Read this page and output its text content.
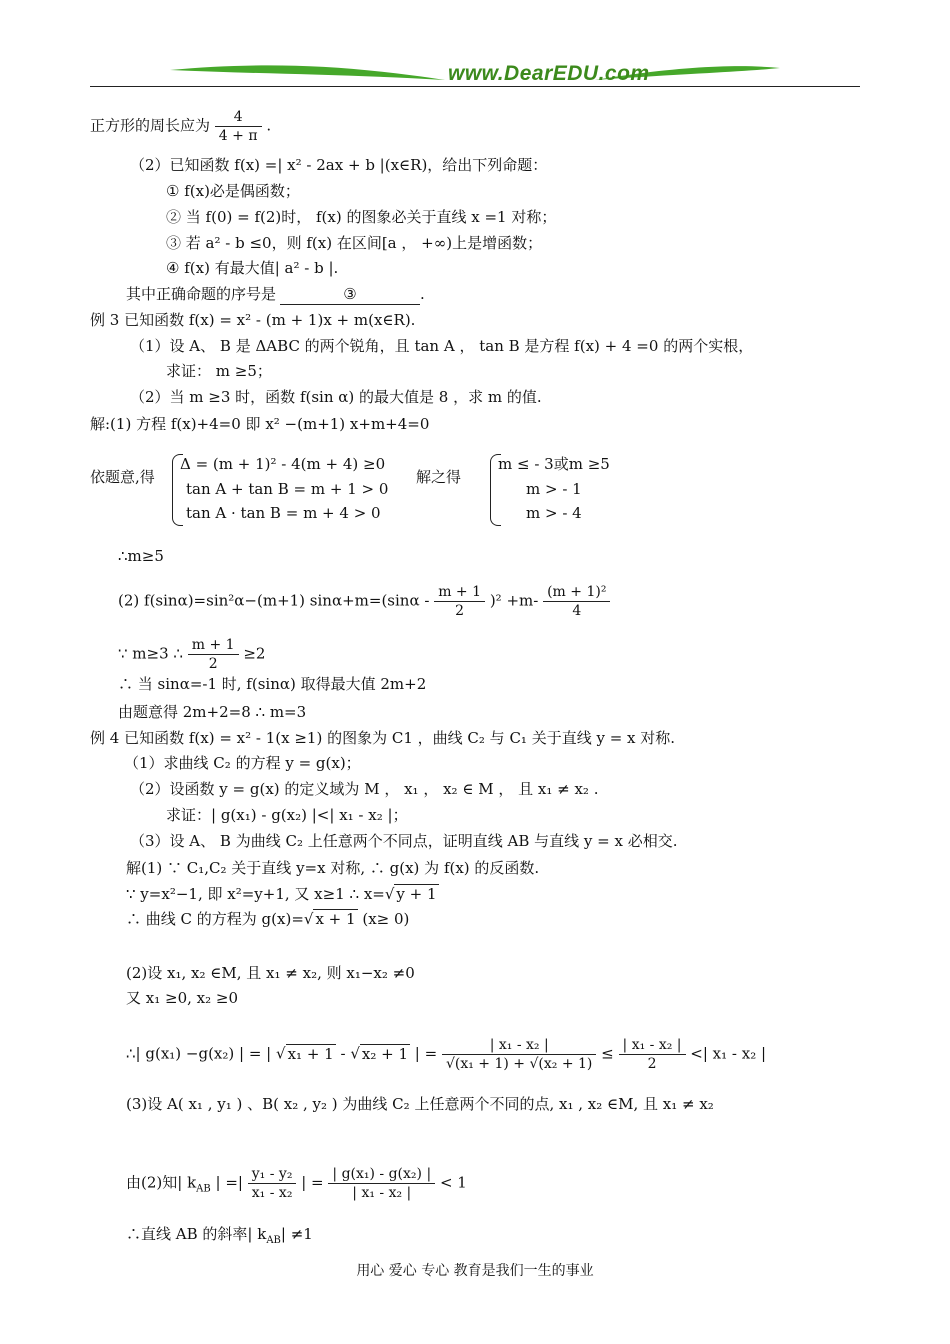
www.DearEDU.com
正方形的周长应为 $\frac{4}{4 + \pi}$ .
（2）已知函数 f(x) =| x² - 2ax + b |(x∈R)，给出下列命题：
① f(x)必是偶函数；
② 当 f(0) = f(2)时， f(x) 的图象必关于直线 x =1 对称；
③ 若 a² - b ≤0，则 f(x) 在区间[a ， +∞)上是增函数；
④ f(x) 有最大值| a² - b |.
其中正确命题的序号是	③	.
例 3 已知函数 f(x) = x² - (m + 1)x + m(x∈R).
（1）设 A、 B 是 ΔABC 的两个锐角，且 tan A ， tan B 是方程 f(x) + 4 =0 的两个实根，
求证： m ≥5；
（2）当 m ≥3 时，函数 f(sin α) 的最大值是 8 ，求 m 的值.
解:(1) 方程 f(x)+4=0 即 x² −(m+1) x+m+4=0
依题意,得
Δ = (m + 1)² - 4(m + 4) ≥0
tan A + tan B = m + 1 > 0
tan A · tan B = m + 4 > 0
解之得
m ≤ - 3或m ≥5
m > - 1
m > - 4
∴m≥5
(2) f(sinα)=sin²α−(m+1) $\sin\alpha+m=(\sin\alpha - \frac{m + 1}{2} )^2 +m- \frac{\text{(m + 1)²}}{4}$
∵ m≥3 ∴ $\frac{m + 1}{2} \ge 2$
∴ 当 sinα=-1 时, f(sinα) 取得最大值 2m+2
由题意得 2m+2=8 ∴ m=3
例 4 已知函数 f(x) = x² - 1(x ≥1) 的图象为 C1 ，曲线 C₂ 与 C₁ 关于直线 y = x 对称.
（1）求曲线 C₂ 的方程 y = g(x)；
（2）设函数 y = g(x) 的定义域为 M ， x₁ ， x₂ ∈ M ， 且 x₁ ≠ x₂ .
求证：| g(x₁) - g(x₂) |<| x₁ - x₂ |；
（3）设 A、 B 为曲线 C₂ 上任意两个不同点，证明直线 AB 与直线 y = x 必相交.
解(1) ∵ C₁,C₂ 关于直线 y=x 对称, ∴ g(x) 为 f(x) 的反函数.
∵ y=x²−1, 即 x²=y+1, 又 x≥1 ∴ x=√ y + 1
∴ 曲线 C 的方程为 g(x)=√ x + 1 (x≥ 0)
(2)设 x₁, x₂ ∈M, 且 x₁ ≠ x₂, 则 x₁−x₂ ≠0
又 x₁ ≥0, x₂ ≥0
∴| g(x₁) −g(x₂) | = | √ x₁ + 1 - √ x₂ + 1 | = $\frac{\text{| x₁ - x₂ |}}{\text{√(x₁ + 1) + √(x₂ + 1)}} \le \frac{\text{| x₁ - x₂ |}}{2}$ <| x₁ - x₂ |
(3)设 A( x₁ , y₁ ) 、B( x₂ , y₂ ) 为曲线 C₂ 上任意两个不同的点, x₁ , x₂ ∈M, 且 x₁ ≠ x₂
由(2)知| $k_{AB}$ | =| $\frac{\text{y₁ - y₂}}{\text{x₁ - x₂}}$ | = $\frac{\text{| g(x₁) - g(x₂) |}}{\text{| x₁ - x₂ |}} < 1$
∴直线 AB 的斜率| $k_{AB}| \ne 1$
用心 爱心 专心 教育是我们一生的事业
